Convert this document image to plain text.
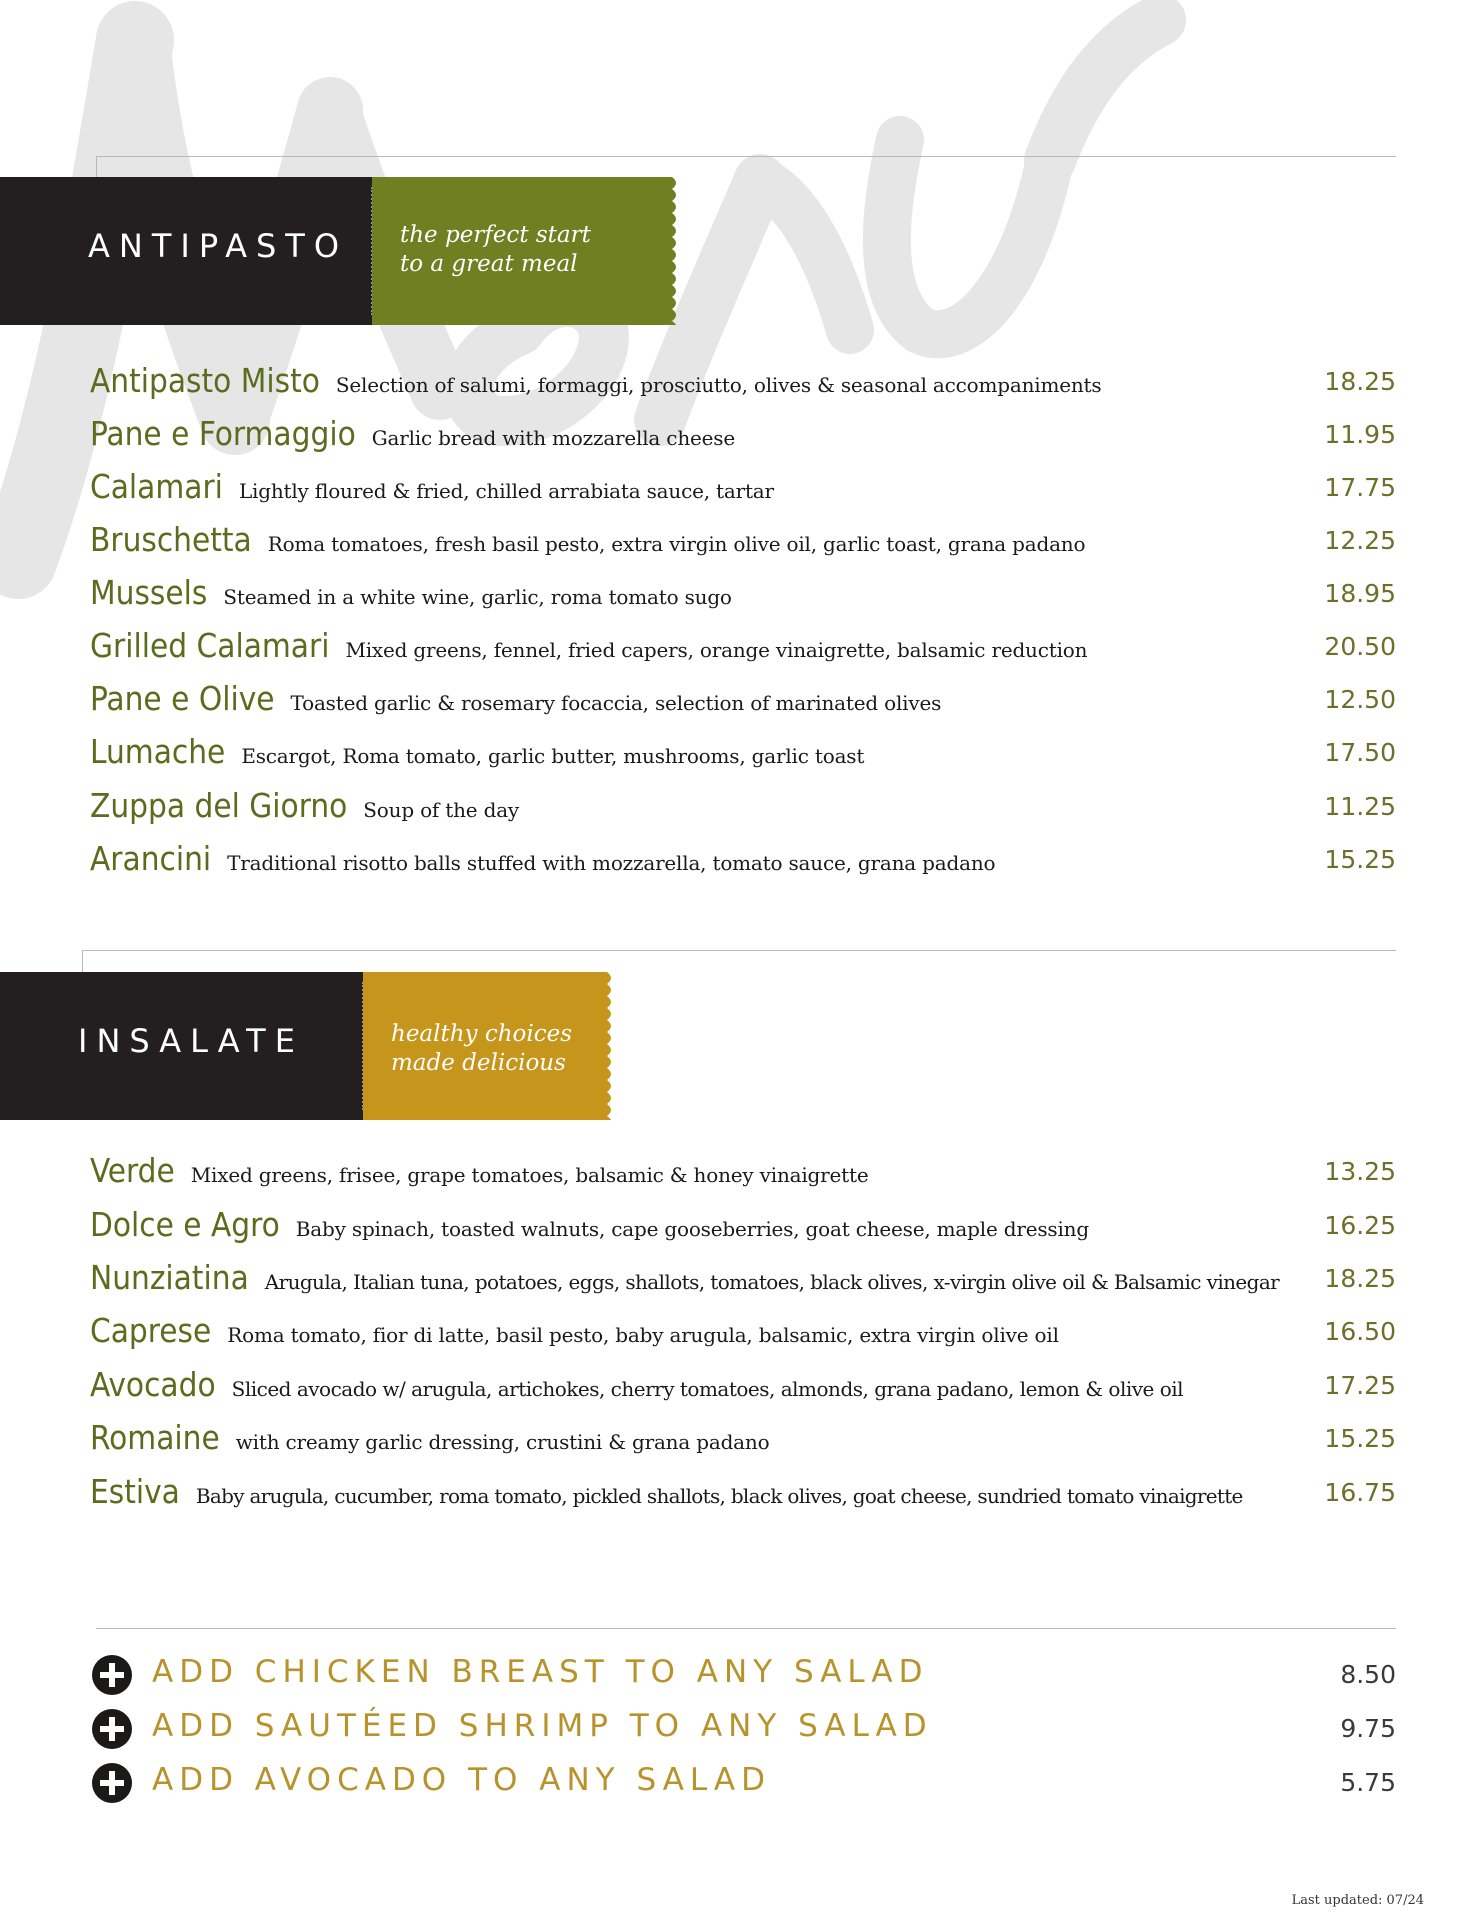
ANTIPASTO the perfect start
to a great meal
Antipasto Misto Selection of salumi, formaggi, prosciutto, olives & seasonal accompaniments	18.25
Pane e Formaggio Garlic bread with mozzarella cheese	11.95
Calamari Lightly floured & fried, chilled arrabiata sauce, tartar	17.75
Bruschetta Roma tomatoes, fresh basil pesto, extra virgin olive oil, garlic toast, grana padano	12.25
Mussels Steamed in a white wine, garlic, roma tomato sugo	18.95
Grilled Calamari Mixed greens, fennel, fried capers, orange vinaigrette, balsamic reduction	20.50
Pane e Olive Toasted garlic & rosemary focaccia, selection of marinated olives	12.50
Lumache Escargot, Roma tomato, garlic butter, mushrooms, garlic toast	17.50
Zuppa del Giorno Soup of the day	11.25
Arancini Traditional risotto balls stuffed with mozzarella, tomato sauce, grana padano	15.25
INSALATE	healthy choices
made delicious
Verde Mixed greens, frisee, grape tomatoes, balsamic & honey vinaigrette	13.25
Dolce e Agro Baby spinach, toasted walnuts, cape gooseberries, goat cheese, maple dressing	16.25
Nunziatina Arugula, Italian tuna, potatoes, eggs, shallots, tomatoes, black olives, x-virgin olive oil & Balsamic vinegar 18.25
Caprese Roma tomato, fior di latte, basil pesto, baby arugula, balsamic, extra virgin olive oil	16.50
Avocado Sliced avocado w/ arugula, artichokes, cherry tomatoes, almonds, grana padano, lemon & olive oil	17.25
Romaine with creamy garlic dressing, crustini & grana padano	15.25
Estiva Baby arugula, cucumber, roma tomato, pickled shallots, black olives, goat cheese, sundried tomato vinaigrette	16.75
ADD CHICKEN BREAST TO ANY SALAD	8.50
ADD SAUTÉED SHRIMP TO ANY SALAD	9.75
ADD AVOCADO TO ANY SALAD	5.75
Last updated: 07/24
